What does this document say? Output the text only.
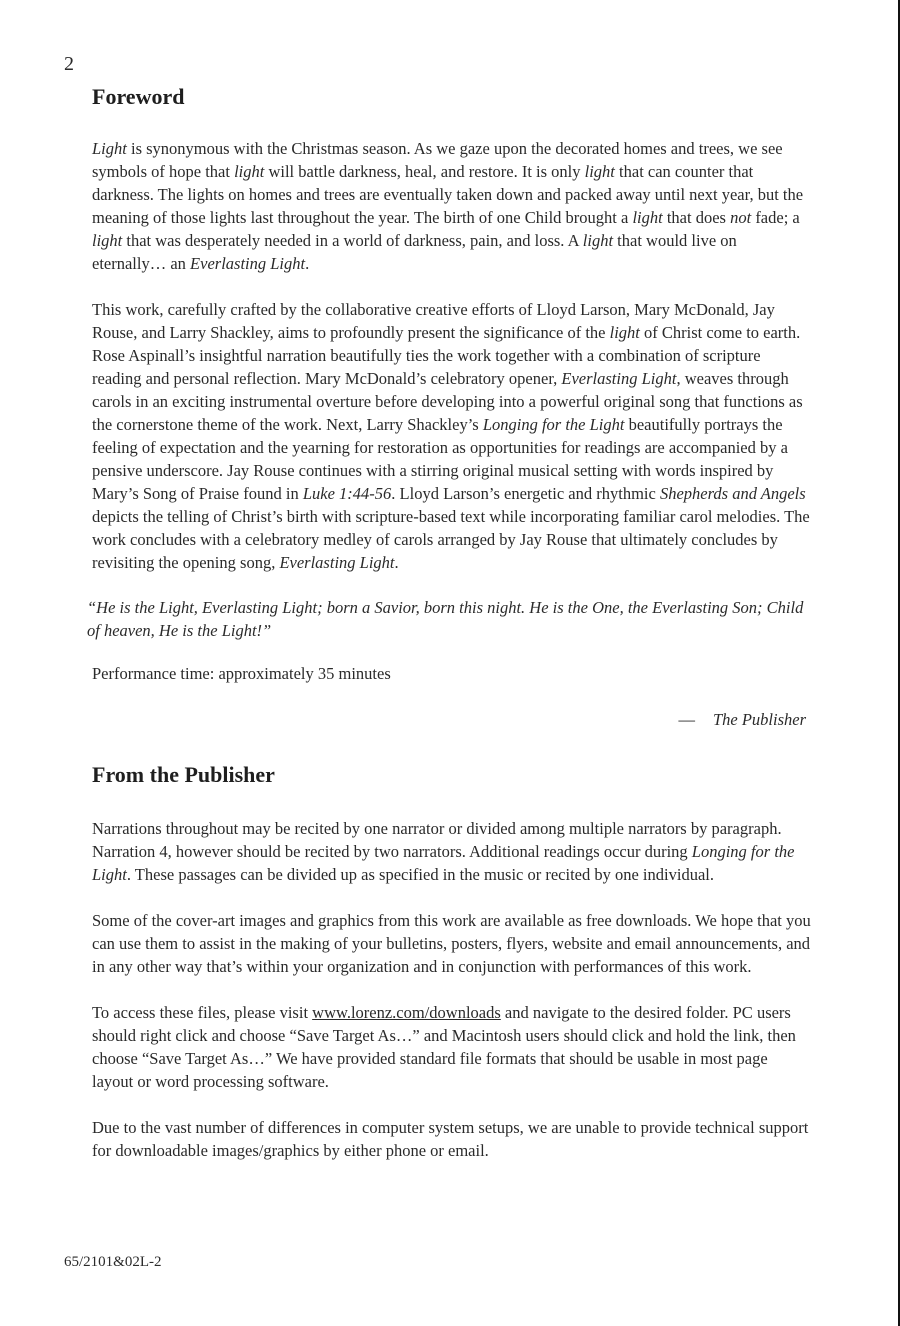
2
Foreword

Light is synonymous with the Christmas season. As we gaze upon the decorated homes and trees, we see symbols of hope that light will battle darkness, heal, and restore. It is only light that can counter that darkness. The lights on homes and trees are eventually taken down and packed away until next year, but the meaning of those lights last throughout the year. The birth of one Child brought a light that does not fade; a light that was desperately needed in a world of darkness, pain, and loss. A light that would live on eternally… an Everlasting Light.

This work, carefully crafted by the collaborative creative efforts of Lloyd Larson, Mary McDonald, Jay Rouse, and Larry Shackley, aims to profoundly present the significance of the light of Christ come to earth. Rose Aspinall’s insightful narration beautifully ties the work together with a combination of scripture reading and personal reflection. Mary McDonald’s celebratory opener, Everlasting Light, weaves through carols in an exciting instrumental overture before developing into a powerful original song that functions as the cornerstone theme of the work. Next, Larry Shackley’s Longing for the Light beautifully portrays the feeling of expectation and the yearning for restoration as opportunities for readings are accompanied by a pensive underscore. Jay Rouse continues with a stirring original musical setting with words inspired by Mary’s Song of Praise found in Luke 1:44-56. Lloyd Larson’s energetic and rhythmic Shepherds and Angels depicts the telling of Christ’s birth with scripture-based text while incorporating familiar carol melodies. The work concludes with a celebratory medley of carols arranged by Jay Rouse that ultimately concludes by revisiting the opening song, Everlasting Light.

“He is the Light, Everlasting Light; born a Savior, born this night. He is the One, the Everlasting Son; Child of heaven, He is the Light!”

Performance time: approximately 35 minutes

— The Publisher

From the Publisher

Narrations throughout may be recited by one narrator or divided among multiple narrators by paragraph. Narration 4, however should be recited by two narrators. Additional readings occur during Longing for the Light. These passages can be divided up as specified in the music or recited by one individual.

Some of the cover-art images and graphics from this work are available as free downloads. We hope that you can use them to assist in the making of your bulletins, posters, flyers, website and email announcements, and in any other way that’s within your organization and in conjunction with performances of this work.

To access these files, please visit www.lorenz.com/downloads and navigate to the desired folder. PC users should right click and choose “Save Target As…” and Macintosh users should click and hold the link, then choose “Save Target As…” We have provided standard file formats that should be usable in most page layout or word processing software.

Due to the vast number of differences in computer system setups, we are unable to provide technical support for downloadable images/graphics by either phone or email.

65/2101&02L-2
